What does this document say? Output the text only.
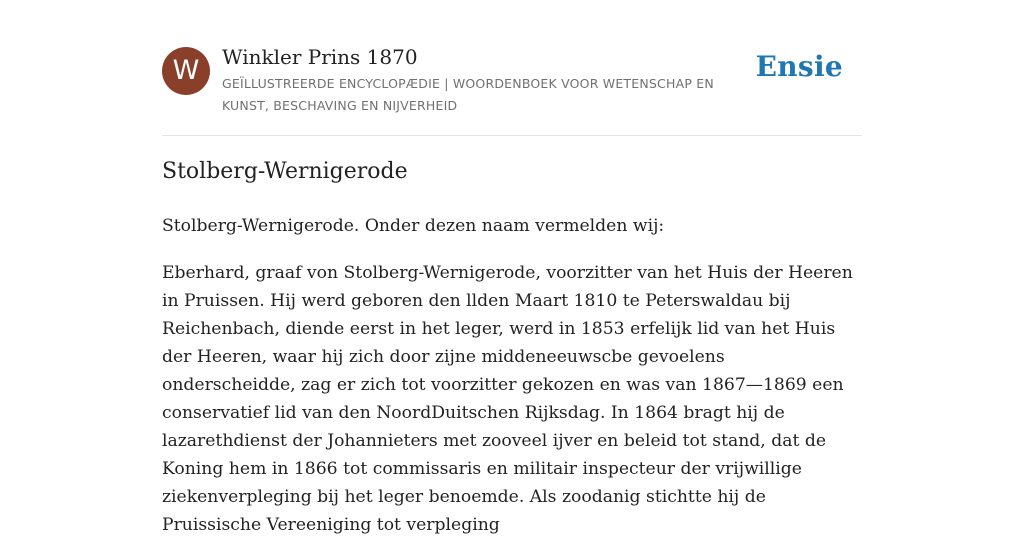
W	Winkler Prins 1870
GEÏLLUSTREERDE ENCYCLOPÆDIE | WOORDENBOEK VOOR WETENSCHAP EN KUNST, BESCHAVING EN NIJVERHEID
Ensie
Stolberg-Wernigerode

Stolberg-Wernigerode. Onder dezen naam vermelden wij:

Eberhard, graaf von Stolberg-Wernigerode, voorzitter van het Huis der Heeren in Pruissen. Hij werd geboren den llden Maart 1810 te Peterswaldau bij Reichenbach, diende eerst in het leger, werd in 1853 erfelijk lid van het Huis der Heeren, waar hij zich door zijne middeneeuwscbe gevoelens onderscheidde, zag er zich tot voorzitter gekozen en was van 1867—1869 een conservatief lid van den NoordDuitschen Rijksdag. In 1864 bragt hij de lazarethdienst der Johannieters met zooveel ijver en beleid tot stand, dat de Koning hem in 1866 tot commissaris en militair inspecteur der vrijwillige ziekenverpleging bij het leger benoemde. Als zoodanig stichtte hij de Pruissische Vereeniging tot verpleging
